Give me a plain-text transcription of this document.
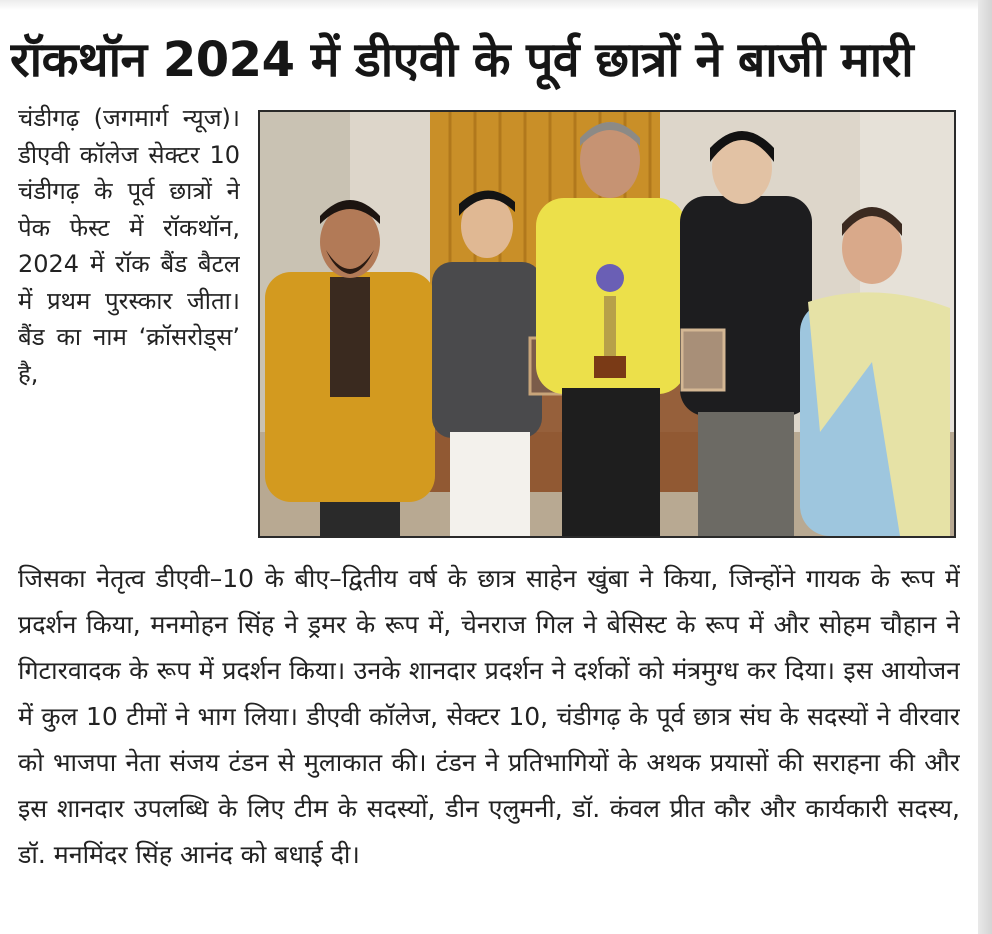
रॉकथॉन 2024 में डीएवी के पूर्व छात्रों ने बाजी मारी
चंडीगढ़ (जगमार्ग न्यूज)। डीएवी कॉलेज सेक्टर 10 चंडीगढ़ के पूर्व छात्रों ने पेक फेस्ट में रॉकथॉन, 2024 में रॉक बैंड बैटल में प्रथम पुरस्कार जीता। बैंड का नाम ‘क्रॉसरोड्स’ है,
जिसका नेतृत्व डीएवी–10 के बीए–द्वितीय वर्ष के छात्र साहेन खुंबा ने किया, जिन्होंने गायक के रूप में प्रदर्शन किया, मनमोहन सिंह ने ड्रमर के रूप में, चेनराज गिल ने बेसिस्ट के रूप में और सोहम चौहान ने गिटारवादक के रूप में प्रदर्शन किया। उनके शानदार प्रदर्शन ने दर्शकों को मंत्रमुग्ध कर दिया। इस आयोजन में कुल 10 टीमों ने भाग लिया। डीएवी कॉलेज, सेक्टर 10, चंडीगढ़ के पूर्व छात्र संघ के सदस्यों ने वीरवार को भाजपा नेता संजय टंडन से मुलाकात की। टंडन ने प्रतिभागियों के अथक प्रयासों की सराहना की और इस शानदार उपलब्धि के लिए टीम के सदस्यों, डीन एलुमनी, डॉ. कंवल प्रीत कौर और कार्यकारी सदस्य, डॉ. मनमिंदर सिंह आनंद को बधाई दी।
